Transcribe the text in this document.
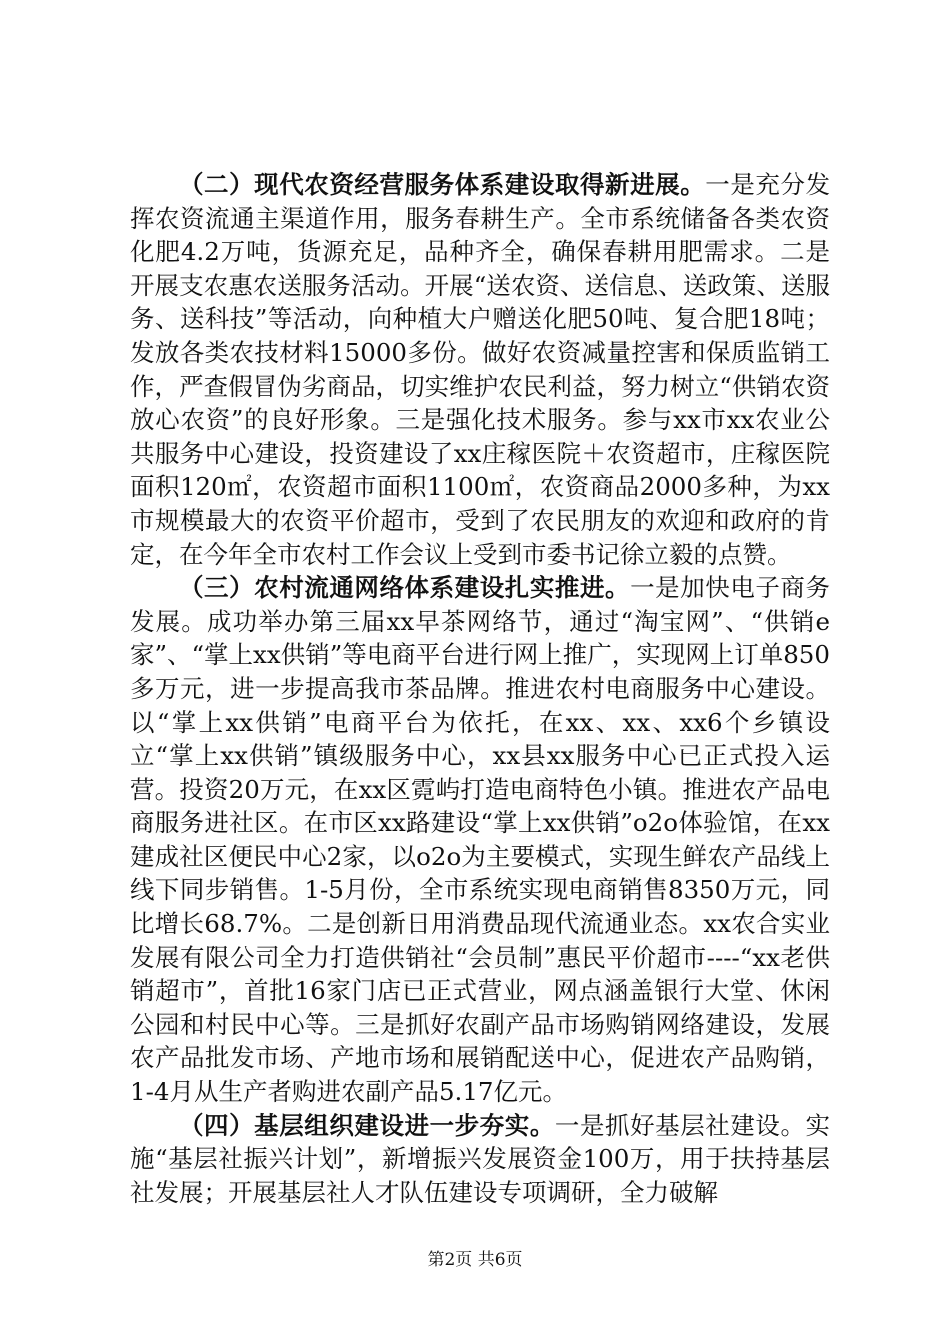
（二）现代农资经营服务体系建设取得新进展。一是充分发挥农资流通主渠道作用，服务春耕生产。全市系统储备各类农资化肥4.2万吨，货源充足，品种齐全，确保春耕用肥需求。二是开展支农惠农送服务活动。开展“送农资、送信息、送政策、送服务、送科技”等活动，向种植大户赠送化肥50吨、复合肥18吨；发放各类农技材料15000多份。做好农资减量控害和保质监销工作，严查假冒伪劣商品，切实维护农民利益，努力树立“供销农资放心农资”的良好形象。三是强化技术服务。参与xx市xx农业公共服务中心建设，投资建设了xx庄稼医院＋农资超市，庄稼医院面积120㎡，农资超市面积1100㎡，农资商品2000多种，为xx市规模最大的农资平价超市，受到了农民朋友的欢迎和政府的肯定，在今年全市农村工作会议上受到市委书记徐立毅的点赞。

（三）农村流通网络体系建设扎实推进。一是加快电子商务发展。成功举办第三届xx早茶网络节，通过“淘宝网”、“供销e家”、“掌上xx供销”等电商平台进行网上推广，实现网上订单850多万元，进一步提高我市茶品牌。推进农村电商服务中心建设。以“掌上xx供销”电商平台为依托，在xx、xx、xx6个乡镇设立“掌上xx供销”镇级服务中心，xx县xx服务中心已正式投入运营。投资20万元，在xx区霓屿打造电商特色小镇。推进农产品电商服务进社区。在市区xx路建设“掌上xx供销”o2o体验馆，在xx建成社区便民中心2家，以o2o为主要模式，实现生鲜农产品线上线下同步销售。1-5月份，全市系统实现电商销售8350万元，同比增长68.7%。二是创新日用消费品现代流通业态。xx农合实业发展有限公司全力打造供销社“会员制”惠民平价超市----“xx老供销超市”，首批16家门店已正式营业，网点涵盖银行大堂、休闲公园和村民中心等。三是抓好农副产品市场购销网络建设，发展农产品批发市场、产地市场和展销配送中心，促进农产品购销，1-4月从生产者购进农副产品5.17亿元。

（四）基层组织建设进一步夯实。一是抓好基层社建设。实施“基层社振兴计划”，新增振兴发展资金100万，用于扶持基层社发展；开展基层社人才队伍建设专项调研，全力破解

第2页 共6页
